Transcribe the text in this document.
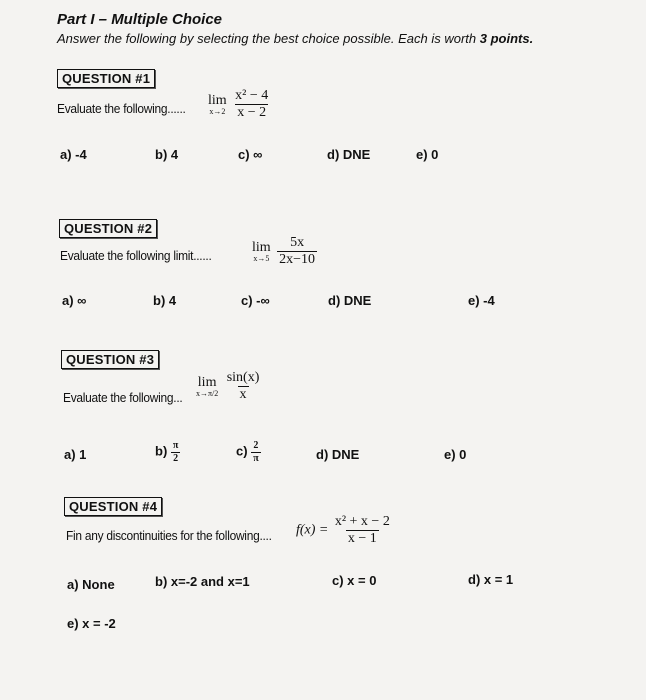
Part I – Multiple Choice
Answer the following by selecting the best choice possible. Each is worth 3 points.
QUESTION #1
Evaluate the following......
lim
x→2
$\frac{\text{x² − 4}}{x - 2}$
a) -4	b) 4	c) ∞	d) DNE	e) 0
QUESTION #2
Evaluate the following limit......
lim
x→5
$\frac{5x}{2x-10}$
a) ∞	b) 4	c) -∞	d) DNE	e) -4
QUESTION #3
Evaluate the following...
lim
x→π/2
$\frac{\sin(x)}{x}$
a) 1	$b) \frac{\pi}{2}$	$c) \frac{2}{\pi}$	d) DNE	e) 0
QUESTION #4
Fin any discontinuities for the following.... $f(x) = \frac{\text{x² + x − 2}}{x - 1}$
a) None	b) x=-2 and x=1	c) x = 0	d) x = 1
e) x = -2
